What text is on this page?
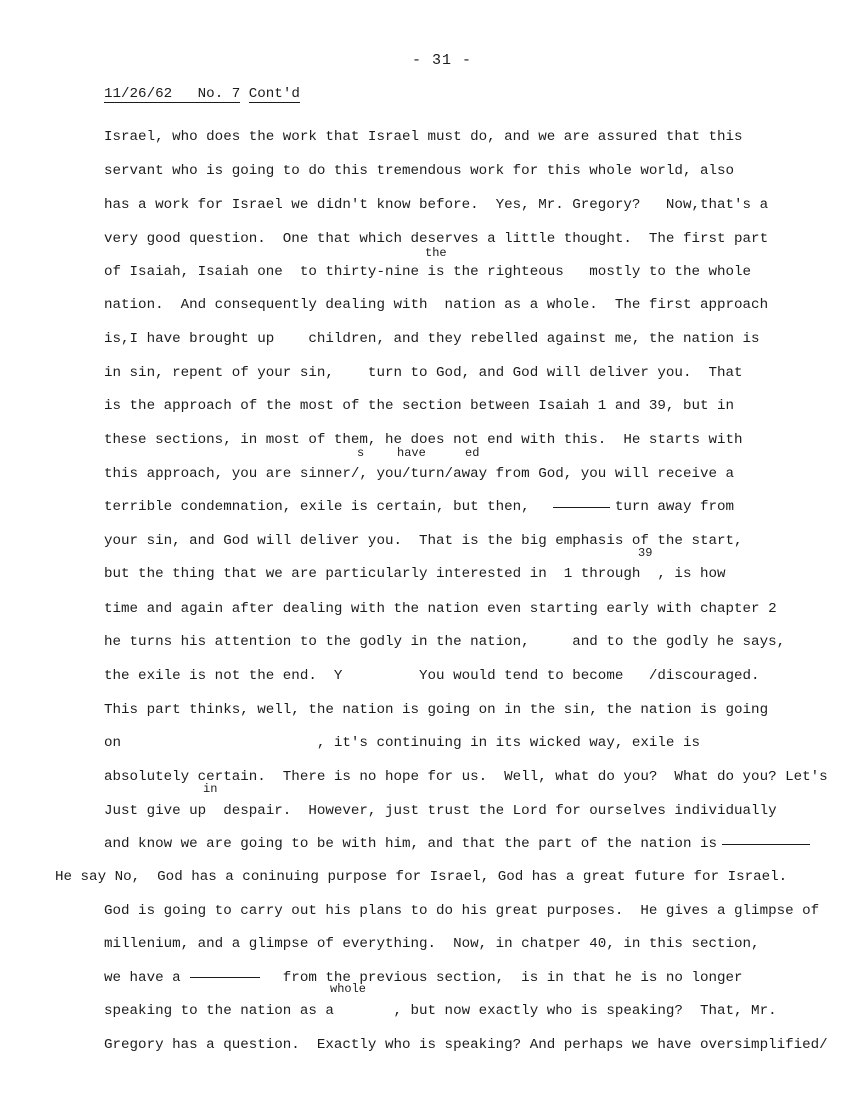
- 31 -
11/26/62 No. 7 Cont'd
Israel, who does the work that Israel must do, and we are assured that this
servant who is going to do this tremendous work for this whole world, also
has a work for Israel we didn't know before.  Yes, Mr. Gregory?   Now,that's a
very good question.  One that which deserves a little thought.  The first part
of Isaiah, Isaiah one  to thirty-nine is the righteous   mostly to the whole
nation.  And consequently dealing with  nation as a whole.  The first approach
is,I have brought up    children, and they rebelled against me, the nation is
in sin, repent of your sin,    turn to God, and God will deliver you.  That
is the approach of the most of the section between Isaiah 1 and 39, but in
these sections, in most of them, he does not end with this.  He starts with
this approach, you are sinner/, you/turn/away from God, you will receive a
terrible condemnation, exile is certain, but then,          turn away from
your sin, and God will deliver you.  That is the big emphasis of the start,
but the thing that we are particularly interested in  1 through  , is how
time and again after dealing with the nation even starting early with chapter 2
he turns his attention to the godly in the nation,     and to the godly he says,
the exile is not the end.  Y         You would tend to become   /discouraged.
This part thinks, well, the nation is going on in the sin, the nation is going
on                       , it's continuing in its wicked way, exile is
absolutely certain.  There is no hope for us.  Well, what do you?  What do you? Let's
Just give up  despair.  However, just trust the Lord for ourselves individually
and know we are going to be with him, and that the part of the nation is
He say No,  God has a coninuing purpose for Israel, God has a great future for Israel.
God is going to carry out his plans to do his great purposes.  He gives a glimpse of
millenium, and a glimpse of everything.  Now, in chatper 40, in this section,
we have a            from the previous section,  is in that he is no longer
speaking to the nation as a       , but now exactly who is speaking?  That, Mr.
Gregory has a question.  Exactly who is speaking? And perhaps we have oversimplified/
the
s	have	ed
39
in
whole
